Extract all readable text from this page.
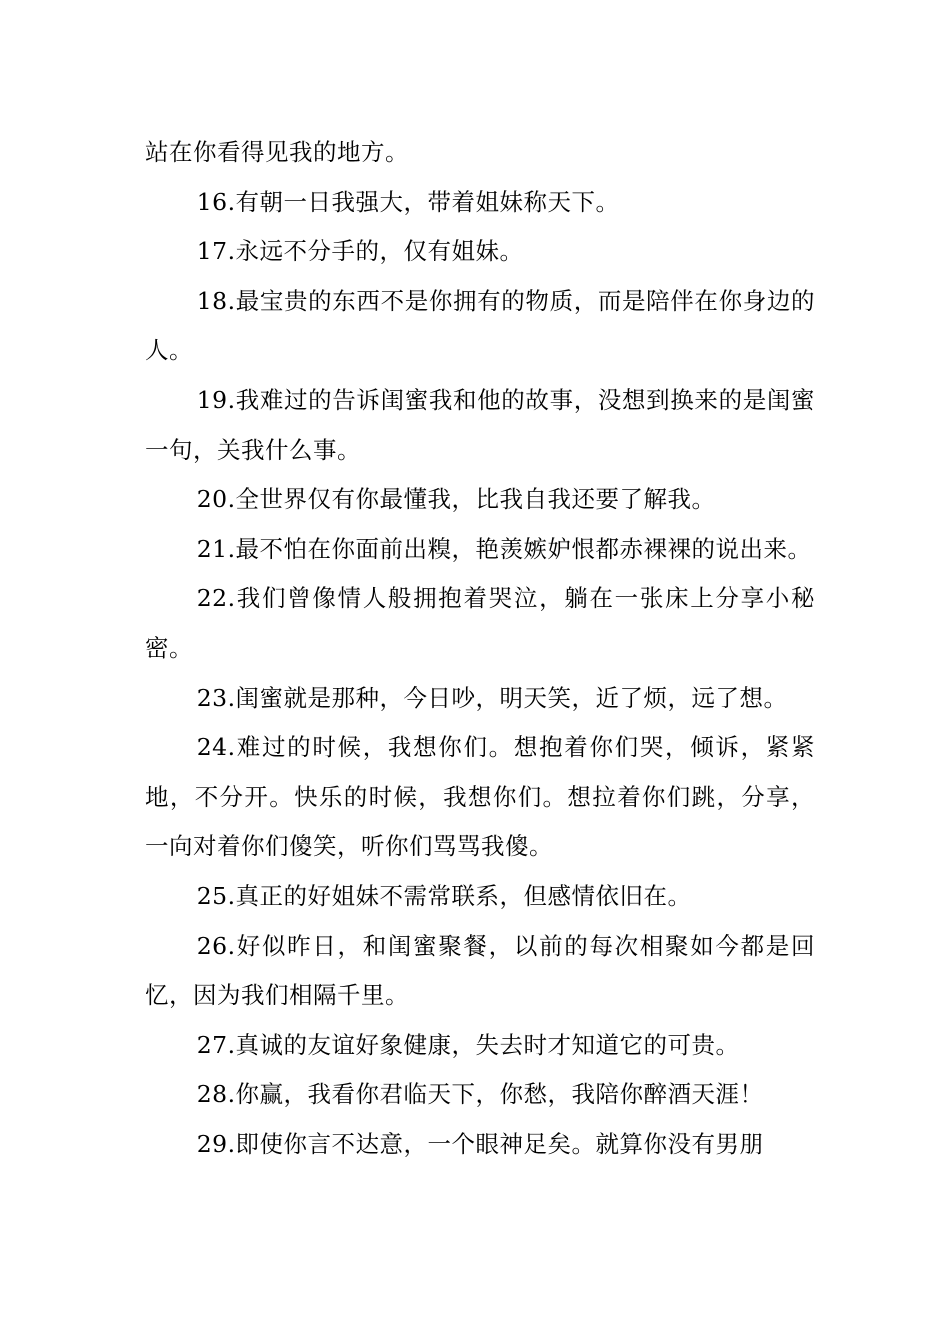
站在你看得见我的地方。

16.有朝一日我强大，带着姐妹称天下。

17.永远不分手的，仅有姐妹。

18.最宝贵的东西不是你拥有的物质，而是陪伴在你身边的人。

19.我难过的告诉闺蜜我和他的故事，没想到换来的是闺蜜一句，关我什么事。

20.全世界仅有你最懂我，比我自我还要了解我。

21.最不怕在你面前出糗，艳羡嫉妒恨都赤裸裸的说出来。

22.我们曾像情人般拥抱着哭泣，躺在一张床上分享小秘密。

23.闺蜜就是那种，今日吵，明天笑，近了烦，远了想。

24.难过的时候，我想你们。想抱着你们哭，倾诉，紧紧地，不分开。快乐的时候，我想你们。想拉着你们跳，分享，一向对着你们傻笑，听你们骂骂我傻。

25.真正的好姐妹不需常联系，但感情依旧在。

26.好似昨日，和闺蜜聚餐，以前的每次相聚如今都是回忆，因为我们相隔千里。

27.真诚的友谊好象健康，失去时才知道它的可贵。

28.你赢，我看你君临天下，你愁，我陪你醉酒天涯！

29.即使你言不达意，一个眼神足矣。就算你没有男朋
